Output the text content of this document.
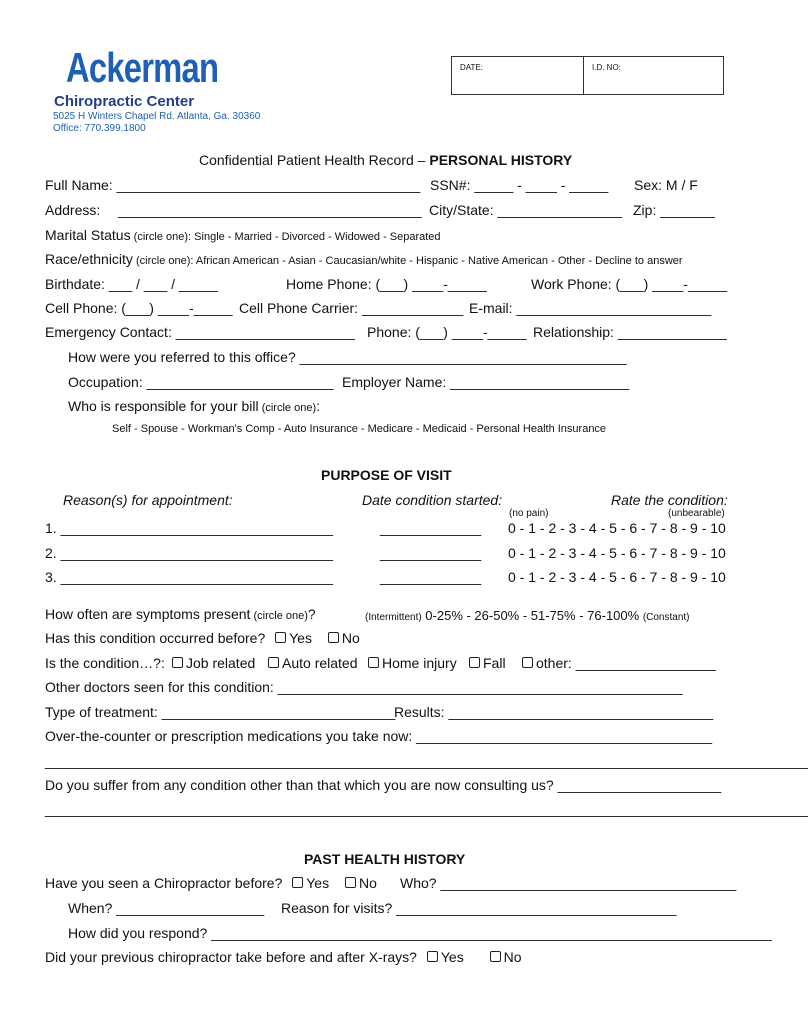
Ackerman
Chiropractic Center
5025 H Winters Chapel Rd. Atlanta, Ga. 30360
Office: 770.399.1800
DATE:	I.D. NO:
Confidential Patient Health Record – PERSONAL HISTORY
Full Name: _______________________________________ SSN#: _____ - ____ - _____ Sex: M / F
Address: _______________________________________ City/State: ________________ Zip: _______
Marital Status (circle one): Single - Married - Divorced - Widowed - Separated
Race/ethnicity (circle one): African American - Asian - Caucasian/white - Hispanic - Native American - Other - Decline to answer
Birthdate: ___ / ___ / _____	Home Phone: (___) ____-_____	Work Phone: (___) ____-_____
Cell Phone: (___) ____-_____ Cell Phone Carrier: _____________ E-mail: _________________________
Emergency Contact: _______________________ Phone: (___) ____-_____ Relationship: ______________
How were you referred to this office? __________________________________________
Occupation: ________________________ Employer Name: _______________________
Who is responsible for your bill (circle one):
Self - Spouse - Workman's Comp - Auto Insurance - Medicare - Medicaid - Personal Health Insurance
PURPOSE OF VISIT
Reason(s) for appointment:	Date condition started:	Rate the condition:
(no pain)	(unbearable)
1. ___________________________________	_____________ 0 - 1 - 2 - 3 - 4 - 5 - 6 - 7 - 8 - 9 - 10
2. ___________________________________	_____________ 0 - 1 - 2 - 3 - 4 - 5 - 6 - 7 - 8 - 9 - 10
3. ___________________________________	_____________ 0 - 1 - 2 - 3 - 4 - 5 - 6 - 7 - 8 - 9 - 10
How often are symptoms present (circle one)?	(Intermittent) 0-25% - 26-50% - 51-75% - 76-100% (Constant)
Has this condition occurred before? Yes No
Is the condition…?:	Job related	Auto related	Home injury	Fall	other: __________________
Other doctors seen for this condition: ____________________________________________________
Type of treatment: ______________________________
Results: __________________________________
Over-the-counter or prescription medications you take now: ______________________________________
__________________________________________________________________________________________________
Do you suffer from any condition other than that which you are now consulting us? _____________________
__________________________________________________________________________________________________
PAST HEALTH HISTORY
Have you seen a Chiropractor before? Yes No Who? ______________________________________
When? ___________________ Reason for visits? ____________________________________
How did you respond? ________________________________________________________________________
Did your previous chiropractor take before and after X-rays? Yes	No
